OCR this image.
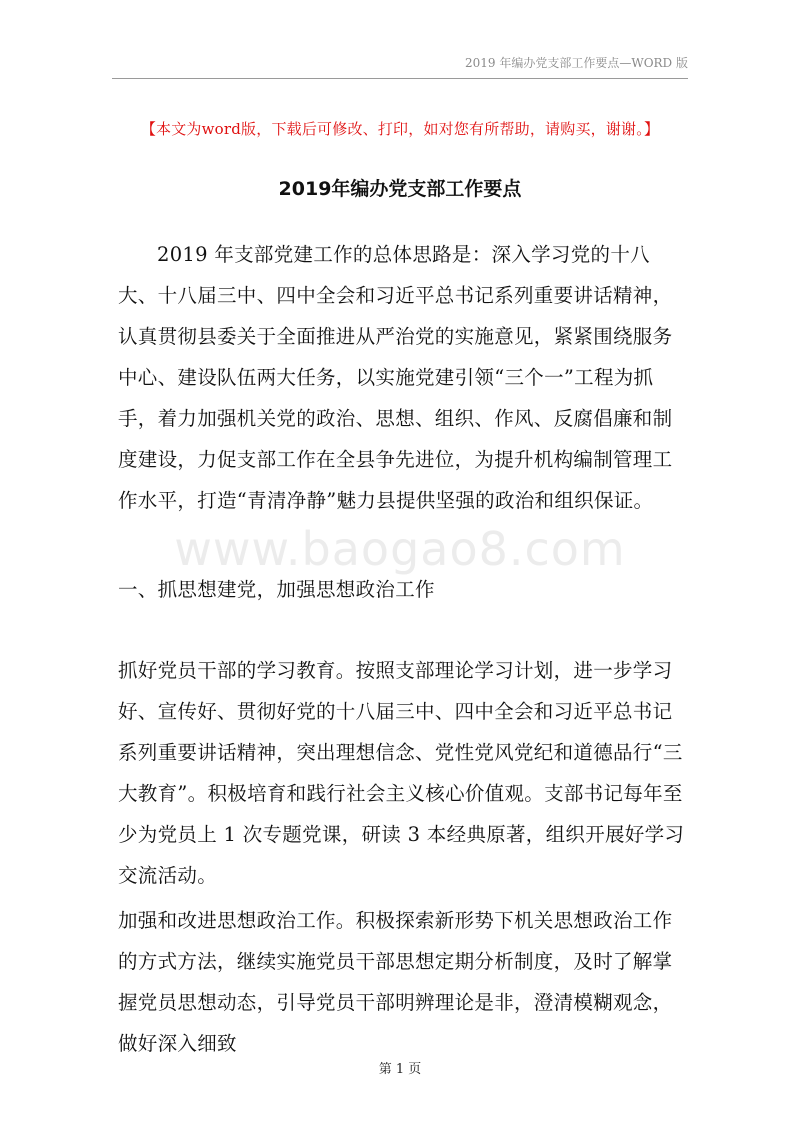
2019 年编办党支部工作要点—WORD 版
【本文为word版，下载后可修改、打印，如对您有所帮助，请购买，谢谢。】
2019年编办党支部工作要点

2019 年支部党建工作的总体思路是：深入学习党的十八大、十八届三中、四中全会和习近平总书记系列重要讲话精神，认真贯彻县委关于全面推进从严治党的实施意见，紧紧围绕服务中心、建设队伍两大任务，以实施党建引领“三个一”工程为抓手，着力加强机关党的政治、思想、组织、作风、反腐倡廉和制度建设，力促支部工作在全县争先进位，为提升机构编制管理工作水平，打造“青清净静”魅力县提供坚强的政治和组织保证。

www.baogao8.com

一、抓思想建党，加强思想政治工作

抓好党员干部的学习教育。按照支部理论学习计划，进一步学习好、宣传好、贯彻好党的十八届三中、四中全会和习近平总书记系列重要讲话精神，突出理想信念、党性党风党纪和道德品行“三大教育”。积极培育和践行社会主义核心价值观。支部书记每年至少为党员上 1 次专题党课，研读 3 本经典原著，组织开展好学习交流活动。

加强和改进思想政治工作。积极探索新形势下机关思想政治工作的方式方法，继续实施党员干部思想定期分析制度，及时了解掌握党员思想动态，引导党员干部明辨理论是非，澄清模糊观念，做好深入细致

第 1 页
